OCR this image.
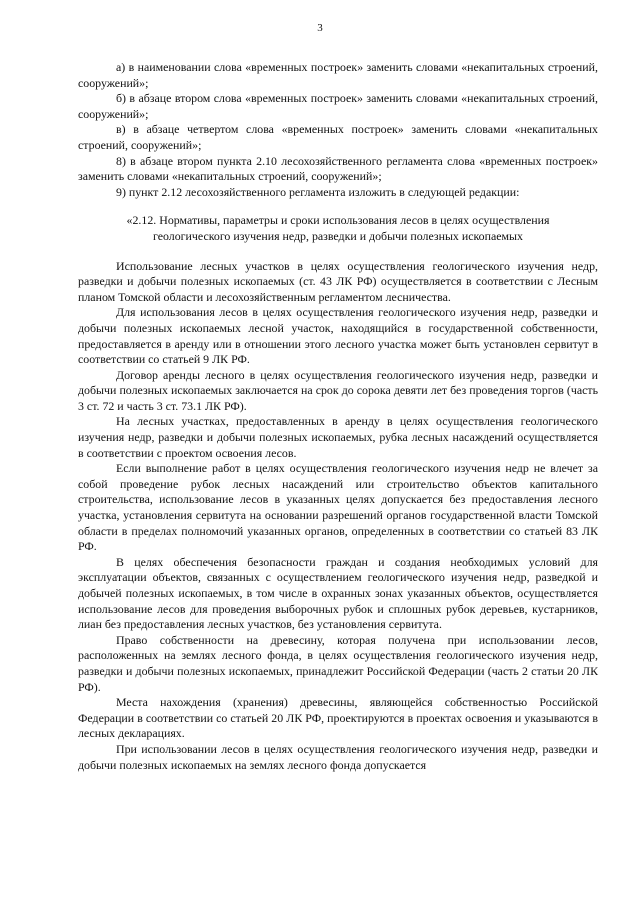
3

а) в наименовании слова «временных построек» заменить словами «некапитальных строений, сооружений»;

б) в абзаце втором слова «временных построек» заменить словами «некапитальных строений, сооружений»;

в) в абзаце четвертом слова «временных построек» заменить словами «некапитальных строений, сооружений»;

8) в абзаце втором пункта 2.10 лесохозяйственного регламента слова «временных построек» заменить словами «некапитальных строений, сооружений»;

9) пункт 2.12 лесохозяйственного регламента изложить в следующей редакции:

«2.12. Нормативы, параметры и сроки использования лесов в целях осуществления геологического изучения недр, разведки и добычи полезных ископаемых

Использование лесных участков в целях осуществления геологического изучения недр, разведки и добычи полезных ископаемых (ст. 43 ЛК РФ) осуществляется в соответствии с Лесным планом Томской области и лесохозяйственным регламентом лесничества.

Для использования лесов в целях осуществления геологического изучения недр, разведки и добычи полезных ископаемых лесной участок, находящийся в государственной собственности, предоставляется в аренду или в отношении этого лесного участка может быть установлен сервитут в соответствии со статьей 9 ЛК РФ.

Договор аренды лесного в целях осуществления геологического изучения недр, разведки и добычи полезных ископаемых заключается на срок до сорока девяти лет без проведения торгов (часть 3 ст. 72 и часть 3 ст. 73.1 ЛК РФ).

На лесных участках, предоставленных в аренду в целях осуществления геологического изучения недр, разведки и добычи полезных ископаемых, рубка лесных насаждений осуществляется в соответствии с проектом освоения лесов.

Если выполнение работ в целях осуществления геологического изучения недр не влечет за собой проведение рубок лесных насаждений или строительство объектов капитального строительства, использование лесов в указанных целях допускается без предоставления лесного участка, установления сервитута на основании разрешений органов государственной власти Томской области в пределах полномочий указанных органов, определенных в соответствии со статьей 83 ЛК РФ.

В целях обеспечения безопасности граждан и создания необходимых условий для эксплуатации объектов, связанных с осуществлением геологического изучения недр, разведкой и добычей полезных ископаемых, в том числе в охранных зонах указанных объектов, осуществляется использование лесов для проведения выборочных рубок и сплошных рубок деревьев, кустарников, лиан без предоставления лесных участков, без установления сервитута.

Право собственности на древесину, которая получена при использовании лесов, расположенных на землях лесного фонда, в целях осуществления геологического изучения недр, разведки и добычи полезных ископаемых, принадлежит Российской Федерации (часть 2 статьи 20 ЛК РФ).

Места нахождения (хранения) древесины, являющейся собственностью Российской Федерации в соответствии со статьей 20 ЛК РФ, проектируются в проектах освоения и указываются в лесных декларациях.

При использовании лесов в целях осуществления геологического изучения недр, разведки и добычи полезных ископаемых на землях лесного фонда допускается
